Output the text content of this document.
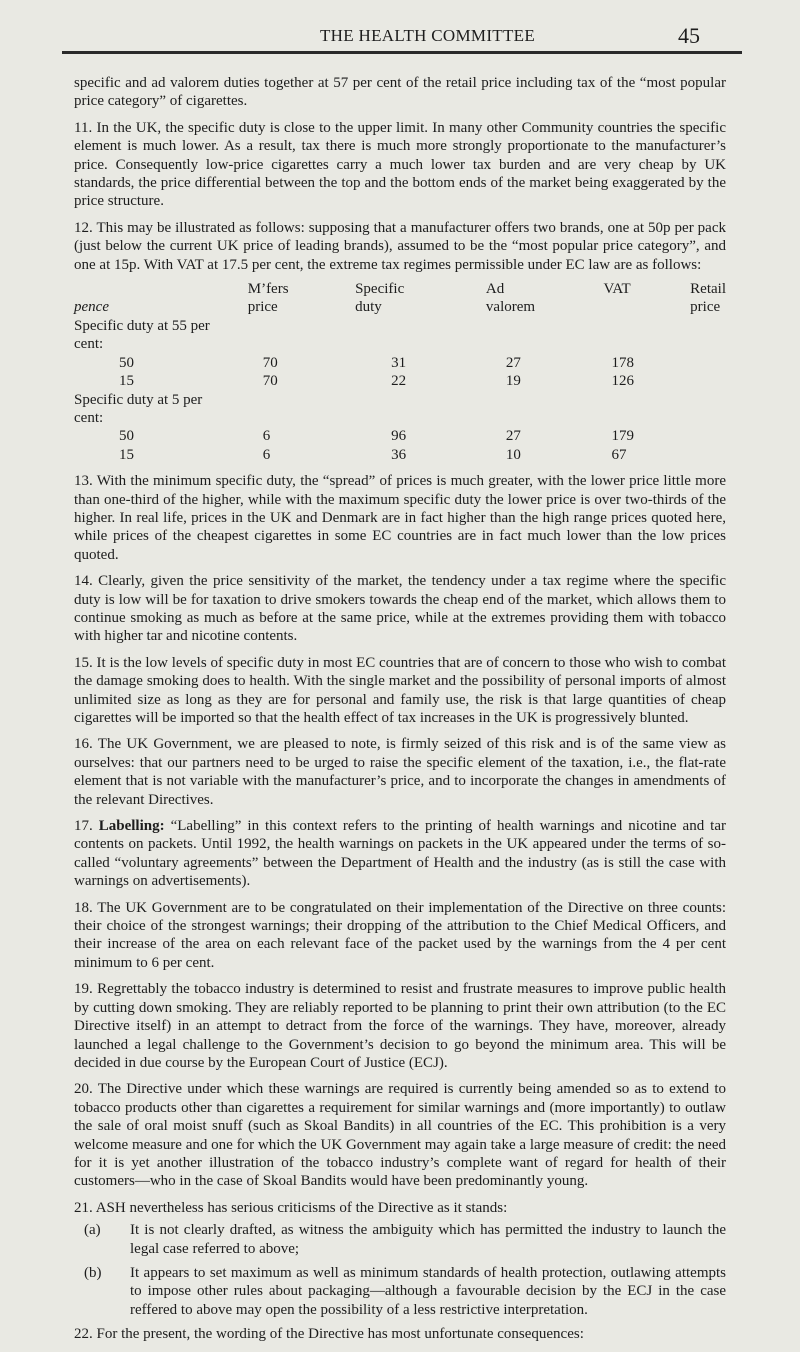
THE HEALTH COMMITTEE	45

specific and ad valorem duties together at 57 per cent of the retail price including tax of the “most popular price category” of cigarettes.

11. In the UK, the specific duty is close to the upper limit. In many other Community countries the specific element is much lower. As a result, tax there is much more strongly proportionate to the manufacturer’s price. Consequently low-price cigarettes carry a much lower tax burden and are very cheap by UK standards, the price differential between the top and the bottom ends of the market being exaggerated by the price structure.

12. This may be illustrated as follows: supposing that a manufacturer offers two brands, one at 50p per pack (just below the current UK price of leading brands), assumed to be the “most popular price category”, and one at 15p. With VAT at 17.5 per cent, the extreme tax regimes permissible under EC law are as follows:

	M’fers	Specific	Ad	VAT	Retail
pence	price	duty	valorem		price
Specific duty at 55 per					
cent:					
50	70	31	27	178	
15	70	22	19	126	
Specific duty at 5 per					
cent:					
50	6	96	27	179	
15	6	36	10	67	

13. With the minimum specific duty, the “spread” of prices is much greater, with the lower price little more than one-third of the higher, while with the maximum specific duty the lower price is over two-thirds of the higher. In real life, prices in the UK and Denmark are in fact higher than the high range prices quoted here, while prices of the cheapest cigarettes in some EC countries are in fact much lower than the low prices quoted.

14. Clearly, given the price sensitivity of the market, the tendency under a tax regime where the specific duty is low will be for taxation to drive smokers towards the cheap end of the market, which allows them to continue smoking as much as before at the same price, while at the extremes providing them with tobacco with higher tar and nicotine contents.

15. It is the low levels of specific duty in most EC countries that are of concern to those who wish to combat the damage smoking does to health. With the single market and the possibility of personal imports of almost unlimited size as long as they are for personal and family use, the risk is that large quantities of cheap cigarettes will be imported so that the health effect of tax increases in the UK is progressively blunted.

16. The UK Government, we are pleased to note, is firmly seized of this risk and is of the same view as ourselves: that our partners need to be urged to raise the specific element of the taxation, i.e., the flat-rate element that is not variable with the manufacturer’s price, and to incorporate the changes in amendments of the relevant Directives.

17. Labelling: “Labelling” in this context refers to the printing of health warnings and nicotine and tar contents on packets. Until 1992, the health warnings on packets in the UK appeared under the terms of so-called “voluntary agreements” between the Department of Health and the industry (as is still the case with warnings on advertisements).

18. The UK Government are to be congratulated on their implementation of the Directive on three counts: their choice of the strongest warnings; their dropping of the attribution to the Chief Medical Officers, and their increase of the area on each relevant face of the packet used by the warnings from the 4 per cent minimum to 6 per cent.

19. Regrettably the tobacco industry is determined to resist and frustrate measures to improve public health by cutting down smoking. They are reliably reported to be planning to print their own attribution (to the EC Directive itself) in an attempt to detract from the force of the warnings. They have, moreover, already launched a legal challenge to the Government’s decision to go beyond the minimum area. This will be decided in due course by the European Court of Justice (ECJ).

20. The Directive under which these warnings are required is currently being amended so as to extend to tobacco products other than cigarettes a requirement for similar warnings and (more importantly) to outlaw the sale of oral moist snuff (such as Skoal Bandits) in all countries of the EC. This prohibition is a very welcome measure and one for which the UK Government may again take a large measure of credit: the need for it is yet another illustration of the tobacco industry’s complete want of regard for health of their customers—who in the case of Skoal Bandits would have been predominantly young.

21. ASH nevertheless has serious criticisms of the Directive as it stands:

(a)	It is not clearly drafted, as witness the ambiguity which has permitted the industry to launch the legal case referred to above;
(b)	It appears to set maximum as well as minimum standards of health protection, outlawing attempts to impose other rules about packaging—although a favourable decision by the ECJ in the case reffered to above may open the possibility of a less restrictive interpretation.

22. For the present, the wording of the Directive has most unfortunate consequences:
